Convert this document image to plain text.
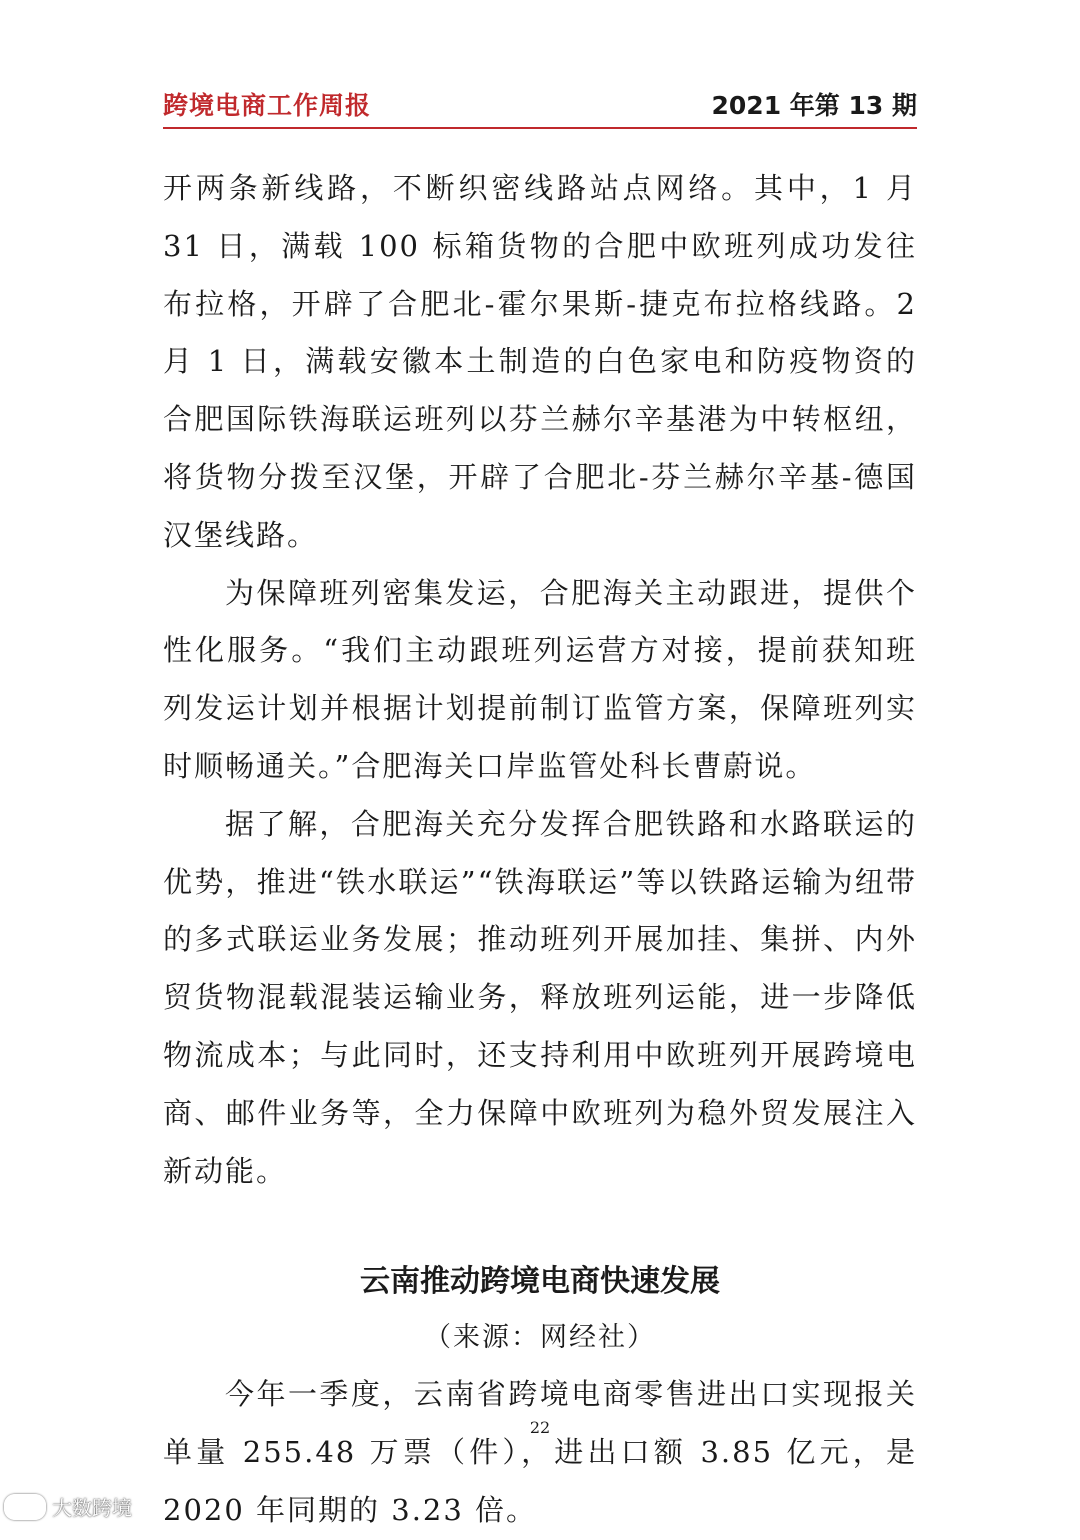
跨境电商工作周报	2021 年第 13 期

开两条新线路，不断织密线路站点网络。其中，1 月 31 日，满载 100 标箱货物的合肥中欧班列成功发往布拉格，开辟了合肥北-霍尔果斯-捷克布拉格线路。2月 1 日，满载安徽本土制造的白色家电和防疫物资的合肥国际铁海联运班列以芬兰赫尔辛基港为中转枢纽，将货物分拨至汉堡，开辟了合肥北-芬兰赫尔辛基-德国汉堡线路。

为保障班列密集发运，合肥海关主动跟进，提供个性化服务。“我们主动跟班列运营方对接，提前获知班列发运计划并根据计划提前制订监管方案，保障班列实时顺畅通关。”合肥海关口岸监管处科长曹蔚说。

据了解，合肥海关充分发挥合肥铁路和水路联运的优势，推进“铁水联运”“铁海联运”等以铁路运输为纽带的多式联运业务发展；推动班列开展加挂、集拼、内外贸货物混载混装运输业务，释放班列运能，进一步降低物流成本；与此同时，还支持利用中欧班列开展跨境电商、邮件业务等，全力保障中欧班列为稳外贸发展注入新动能。

云南推动跨境电商快速发展

（来源：网经社）

今年一季度，云南省跨境电商零售进出口实现报关单量 255.48 万票（件），进出口额 3.85 亿元，是 2020 年同期的 3.23 倍。

22
大数跨境
